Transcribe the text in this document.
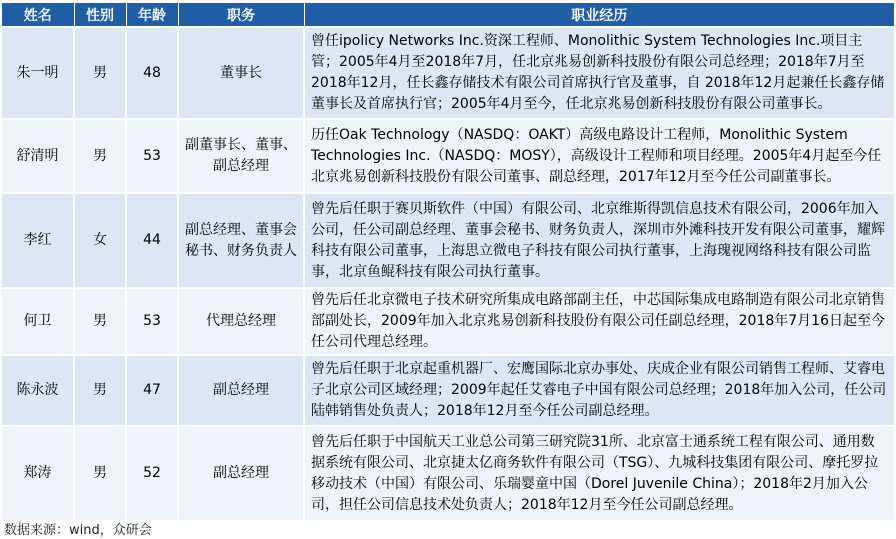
姓名	性别	年龄	职务	职业经历
朱一明	男	48	董事长	曾任ipolicy Networks Inc.资深工程师、Monolithic System Technologies Inc.项目主管；2005年4月至2018年7月，任北京兆易创新科技股份有限公司总经理；2018年7月至2018年12月，任长鑫存储技术有限公司首席执行官及董事，自 2018年12月起兼任长鑫存储董事长及首席执行官；2005年4月至今，任北京兆易创新科技股份有限公司董事长。
舒清明	男	53	副董事长、董事、副总经理	历任Oak Technology（NASDQ：OAKT）高级电路设计工程师，Monolithic System Technologies Inc.（NASDQ：MOSY），高级设计工程师和项目经理。2005年4月起至今任北京兆易创新科技股份有限公司董事、副总经理，2017年12月至今任公司副董事长。
李红	女	44	副总经理、董事会秘书、财务负责人	曾先后任职于赛贝斯软件（中国）有限公司、北京维斯得凯信息技术有限公司，2006年加入公司，任公司副总经理、董事会秘书、财务负责人，深圳市外滩科技开发有限公司董事，耀辉科技有限公司董事，上海思立微电子科技有限公司执行董事，上海瑰视网络科技有限公司监事，北京鱼鲲科技有限公司执行董事。
何卫	男	53	代理总经理	曾先后任北京微电子技术研究所集成电路部副主任，中芯国际集成电路制造有限公司北京销售部副处长，2009年加入北京兆易创新科技股份有限公司任副总经理，2018年7月16日起至今任公司代理总经理。
陈永波	男	47	副总经理	曾先后任职于北京起重机器厂、宏鹰国际北京办事处、庆成企业有限公司销售工程师、艾睿电子北京公司区域经理；2009年起任艾睿电子中国有限公司总经理；2018年加入公司，任公司陆韩销售处负责人；2018年12月至今任公司副总经理。
郑涛	男	52	副总经理	曾先后任职于中国航天工业总公司第三研究院31所、北京富士通系统工程有限公司、通用数据系统有限公司、北京捷太亿商务软件有限公司（TSG）、九城科技集团有限公司、摩托罗拉移动技术（中国）有限公司、乐瑞婴童中国（Dorel Juvenile China）；2018年2月加入公司，担任公司信息技术处负责人；2018年12月至今任公司副总经理。
数据来源：wind，众研会
